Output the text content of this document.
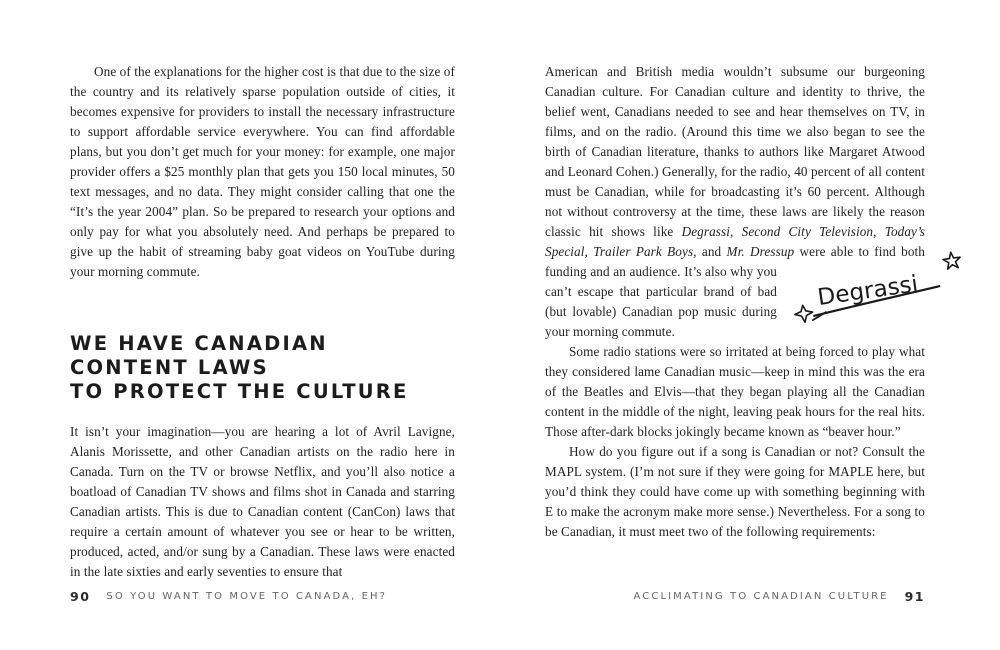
One of the explanations for the higher cost is that due to the size of the country and its relatively sparse population outside of cities, it becomes expensive for providers to install the necessary infrastructure to support affordable service everywhere. You can find affordable plans, but you don’t get much for your money: for example, one major provider offers a $25 monthly plan that gets you 150 local minutes, 50 text messages, and no data. They might consider calling that one the “It’s the year 2004” plan. So be prepared to research your options and only pay for what you absolutely need. And perhaps be prepared to give up the habit of streaming baby goat videos on YouTube during your morning commute.

WE HAVE CANADIAN CONTENT LAWS
TO PROTECT THE CULTURE

It isn’t your imagination—you are hearing a lot of Avril Lavigne, Alanis Morissette, and other Canadian artists on the radio here in Canada. Turn on the TV or browse Netflix, and you’ll also notice a boatload of Canadian TV shows and films shot in Canada and starring Canadian artists. This is due to Canadian content (CanCon) laws that require a certain amount of whatever you see or hear to be written, produced, acted, and/or sung by a Canadian. These laws were enacted in the late sixties and early seventies to ensure that

90 SO YOU WANT TO MOVE TO CANADA, EH?

American and British media wouldn’t subsume our burgeoning Canadian culture. For Canadian culture and identity to thrive, the belief went, Canadians needed to see and hear themselves on TV, in films, and on the radio. (Around this time we also began to see the birth of Canadian literature, thanks to authors like Margaret Atwood and Leonard Cohen.) Generally, for the radio, 40 percent of all content must be Canadian, while for broadcasting it’s 60 percent. Although not without controversy at the time, these laws are likely the reason classic hit shows like Degrassi, Second City Television, Today’s Special, Trailer Park Boys, and Mr. Dressup were able to find both funding and an audience.	Degrassi
It’s also why you can’t escape that particular brand of bad (but lovable) Canadian pop music during your morning commute.

Some radio stations were so irritated at being forced to play what they considered lame Canadian music—keep in mind this was the era of the Beatles and Elvis—that they began playing all the Canadian content in the middle of the night, leaving peak hours for the real hits. Those after-dark blocks jokingly became known as “beaver hour.”

How do you figure out if a song is Canadian or not? Consult the MAPL system. (I’m not sure if they were going for MAPLE here, but you’d think they could have come up with something beginning with E to make the acronym make more sense.) Nevertheless. For a song to be Canadian, it must meet two of the following requirements:

ACCLIMATING TO CANADIAN CULTURE 91
